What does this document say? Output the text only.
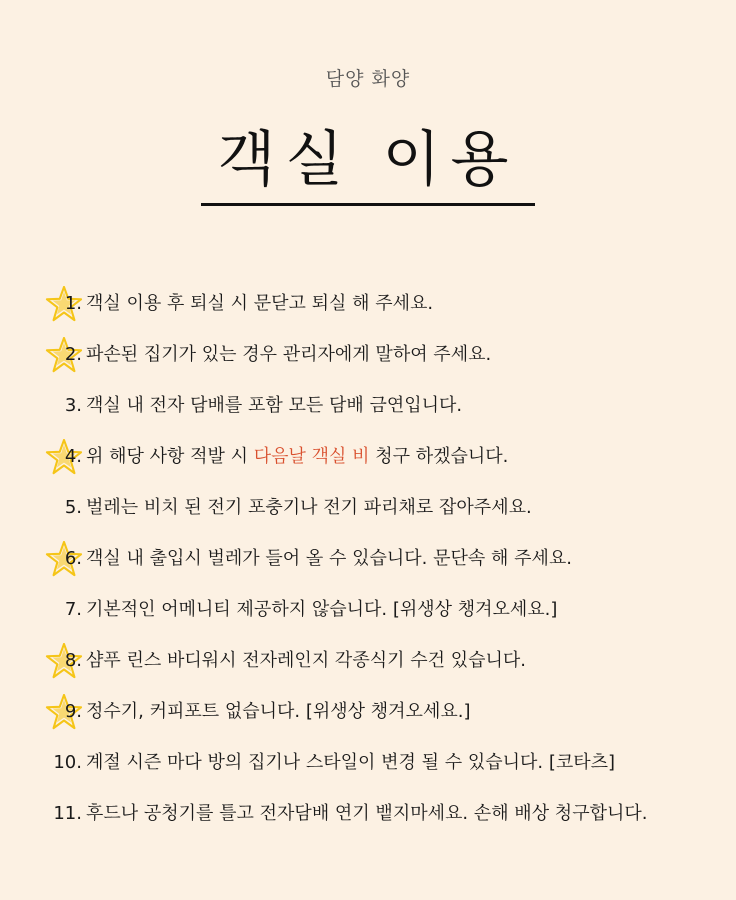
담양 화양
객실 이용
1. 객실 이용 후 퇴실 시 문닫고 퇴실 해 주세요.
2. 파손된 집기가 있는 경우 관리자에게 말하여 주세요.
3. 객실 내 전자 담배를 포함 모든 담배 금연입니다.
4. 위 해당 사항 적발 시 다음날 객실 비 청구 하겠습니다.
5. 벌레는 비치 된 전기 포충기나 전기 파리채로 잡아주세요.
6. 객실 내 출입시 벌레가 들어 올 수 있습니다. 문단속 해 주세요.
7. 기본적인 어메니티 제공하지 않습니다. [위생상 챙겨오세요.]
8. 샴푸 린스 바디워시 전자레인지 각종식기 수건 있습니다.
9. 정수기, 커피포트 없습니다. [위생상 챙겨오세요.]
10. 계절 시즌 마다 방의 집기나 스타일이 변경 될 수 있습니다. [코타츠]
11. 후드나 공청기를 틀고 전자담배 연기 뱉지마세요. 손해 배상 청구합니다.
